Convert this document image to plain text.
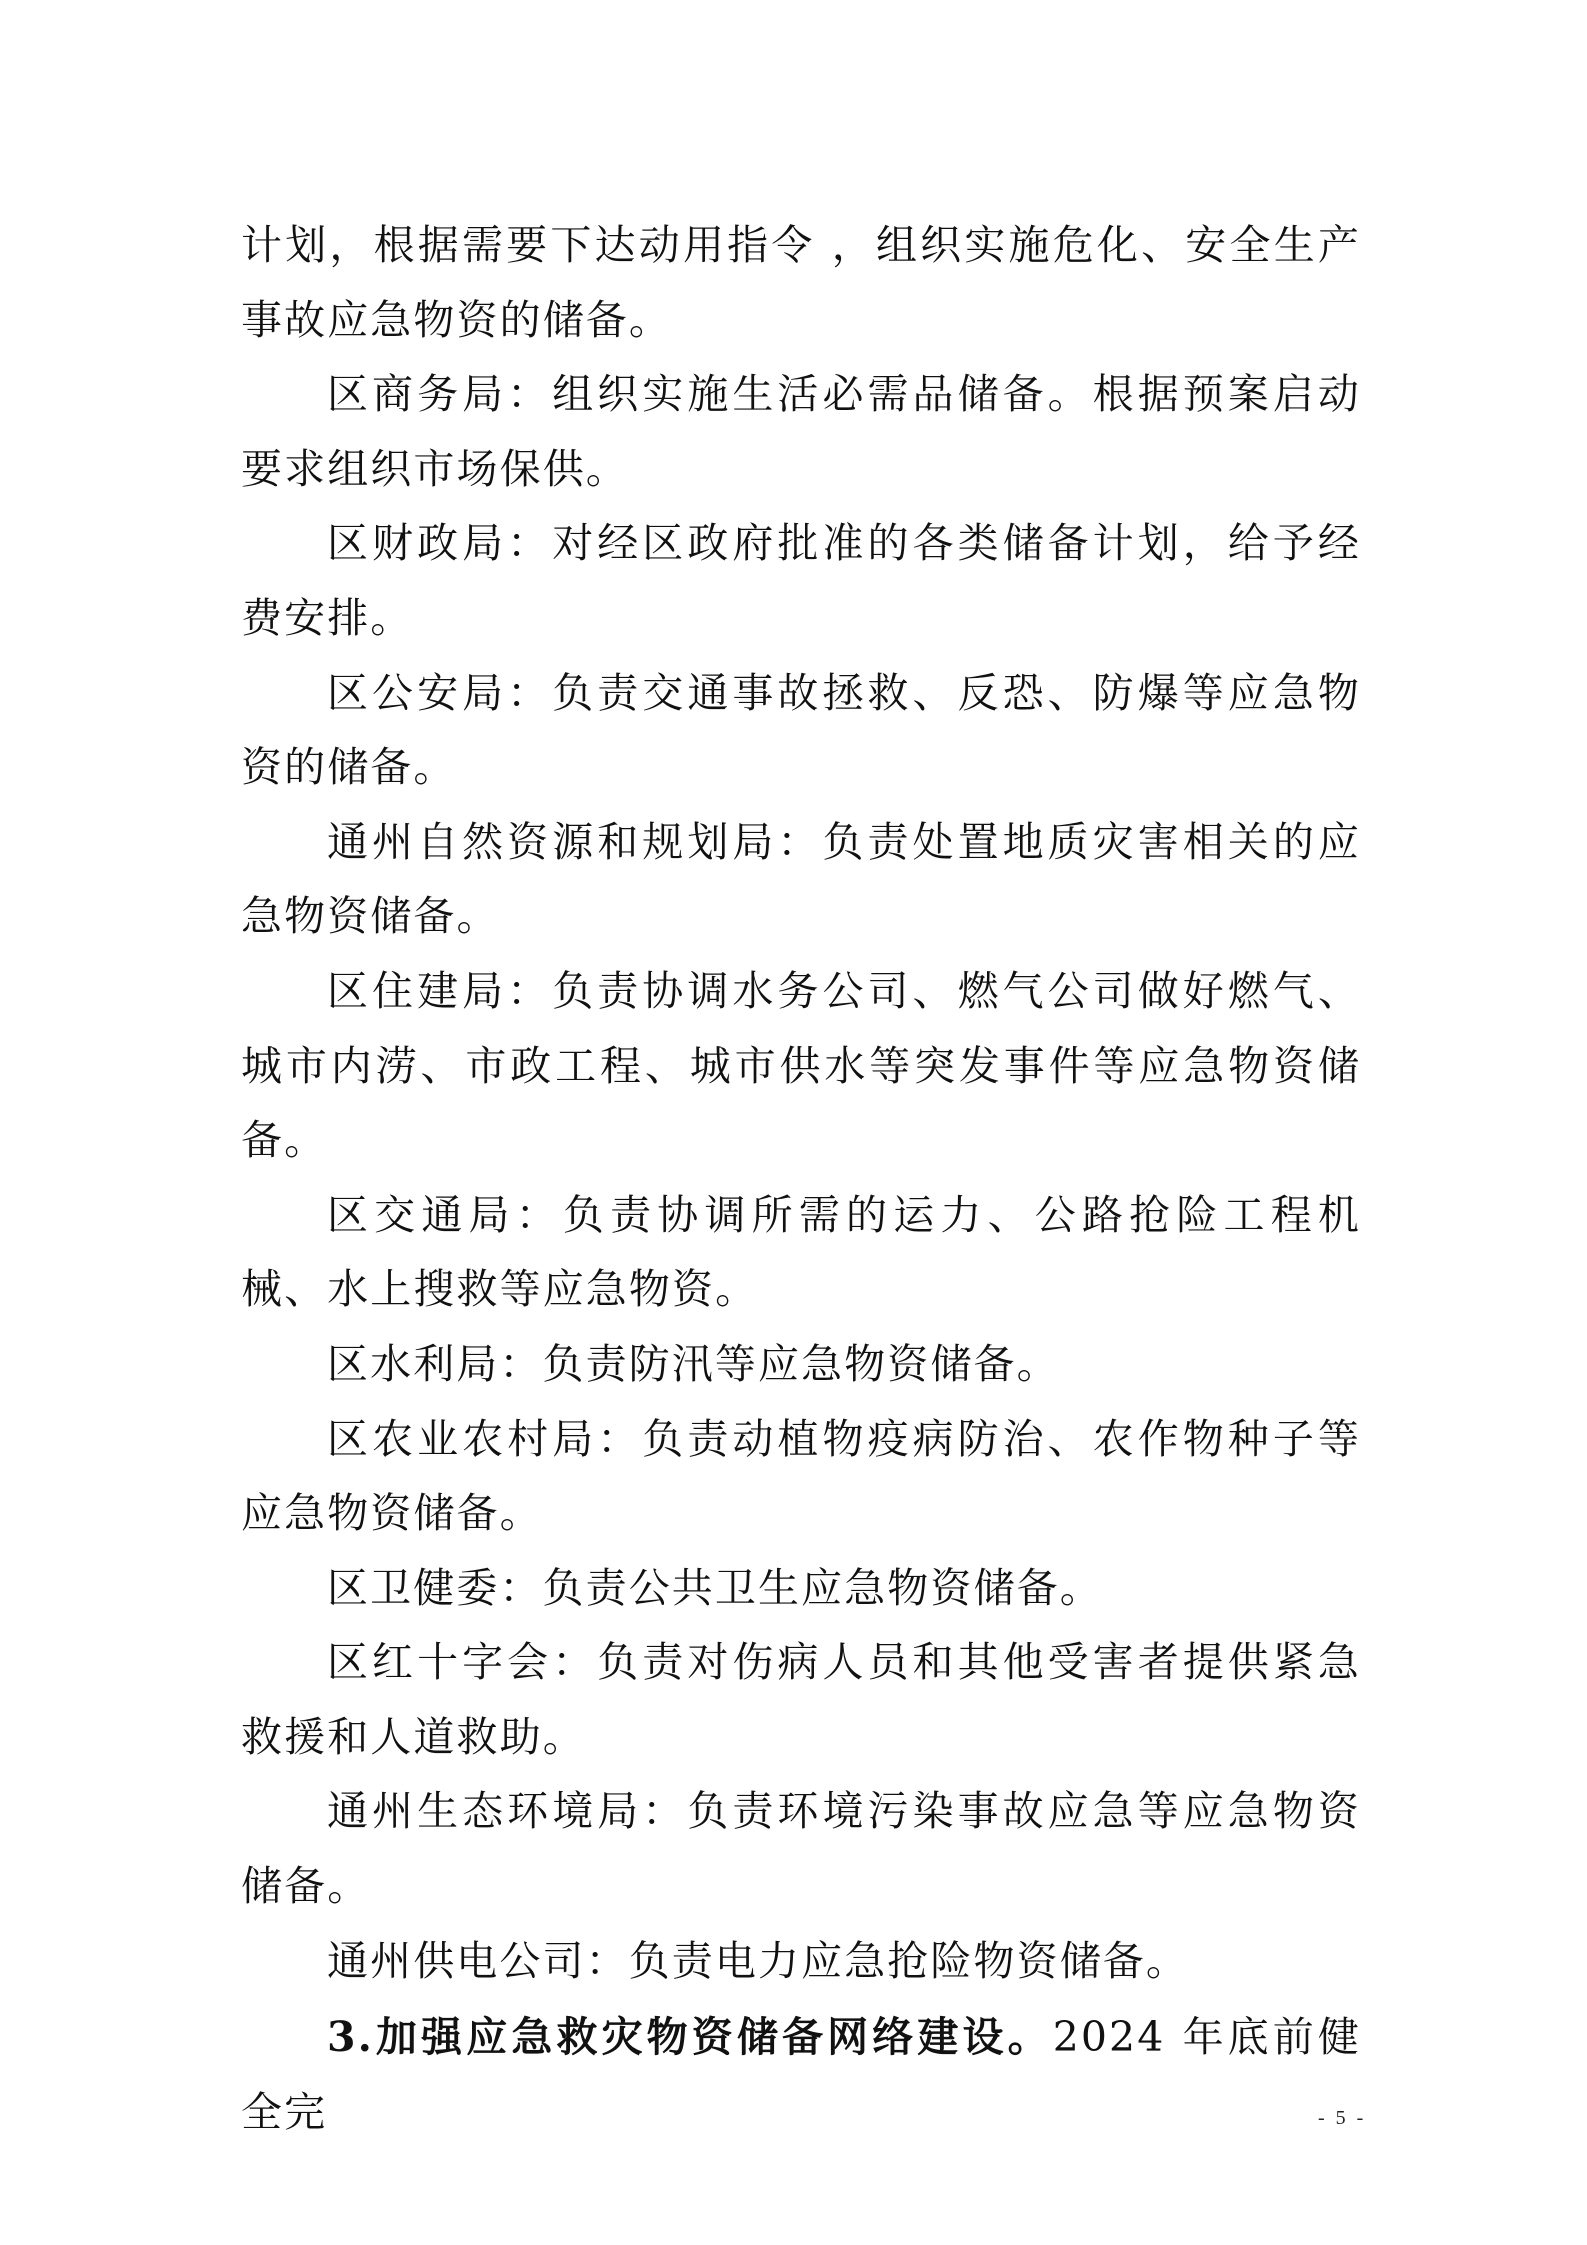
计划，根据需要下达动用指令 ，组织实施危化、安全生产事故应急物资的储备。

区商务局：组织实施生活必需品储备。根据预案启动要求组织市场保供。

区财政局：对经区政府批准的各类储备计划，给予经费安排。

区公安局：负责交通事故拯救、反恐、防爆等应急物资的储备。

通州自然资源和规划局：负责处置地质灾害相关的应急物资储备。

区住建局：负责协调水务公司、燃气公司做好燃气、城市内涝、市政工程、城市供水等突发事件等应急物资储备。

区交通局：负责协调所需的运力、公路抢险工程机械、水上搜救等应急物资。

区水利局：负责防汛等应急物资储备。

区农业农村局：负责动植物疫病防治、农作物种子等应急物资储备。

区卫健委：负责公共卫生应急物资储备。

区红十字会：负责对伤病人员和其他受害者提供紧急救援和人道救助。

通州生态环境局：负责环境污染事故应急等应急物资储备。

通州供电公司：负责电力应急抢险物资储备。

3.加强应急救灾物资储备网络建设。2024 年底前健全完	- 5 -
